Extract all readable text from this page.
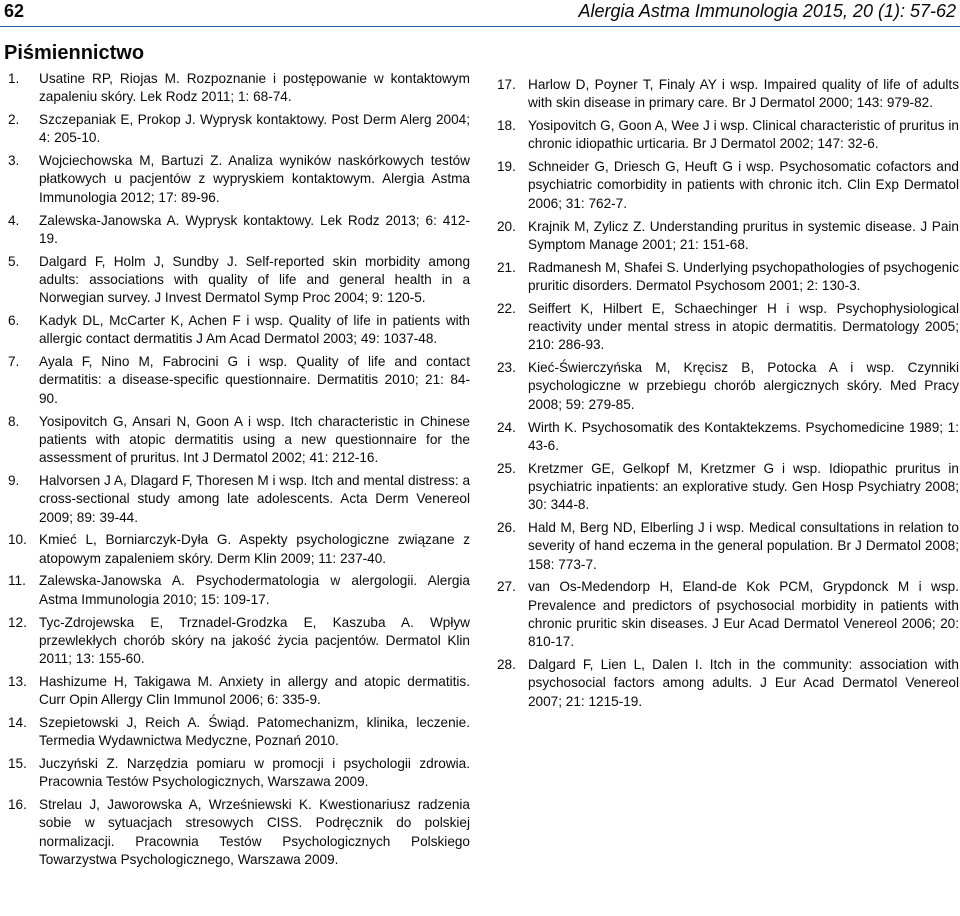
62	Alergia Astma Immunologia 2015, 20 (1): 57-62
Piśmiennictwo
1. Usatine RP, Riojas M. Rozpoznanie i postępowanie w kontaktowym zapaleniu skóry. Lek Rodz 2011; 1: 68-74.
2. Szczepaniak E, Prokop J. Wyprysk kontaktowy. Post Derm Alerg 2004; 4: 205-10.
3. Wojciechowska M, Bartuzi Z. Analiza wyników naskórkowych testów płatkowych u pacjentów z wypryskiem kontaktowym. Alergia Astma Immunologia 2012; 17: 89-96.
4. Zalewska-Janowska A. Wyprysk kontaktowy. Lek Rodz 2013; 6: 412-19.
5. Dalgard F, Holm J, Sundby J. Self-reported skin morbidity among adults: associations with quality of life and general health in a Norwegian survey. J Invest Dermatol Symp Proc 2004; 9: 120-5.
6. Kadyk DL, McCarter K, Achen F i wsp. Quality of life in patients with allergic contact dermatitis J Am Acad Dermatol 2003; 49: 1037-48.
7. Ayala F, Nino M, Fabrocini G i wsp. Quality of life and contact dermatitis: a disease-specific questionnaire. Dermatitis 2010; 21: 84-90.
8. Yosipovitch G, Ansari N, Goon A i wsp. Itch characteristic in Chinese patients with atopic dermatitis using a new questionnaire for the assessment of pruritus. Int J Dermatol 2002; 41: 212-16.
9. Halvorsen J A, Dlagard F, Thoresen M i wsp. Itch and mental distress: a cross-sectional study among late adolescents. Acta Derm Venereol 2009; 89: 39-44.
10. Kmieć L, Borniarczyk-Dyła G. Aspekty psychologiczne związane z atopowym zapaleniem skóry. Derm Klin 2009; 11: 237-40.
11. Zalewska-Janowska A. Psychodermatologia w alergologii. Alergia Astma Immunologia 2010; 15: 109-17.
12. Tyc-Zdrojewska E, Trznadel-Grodzka E, Kaszuba A. Wpływ przewlekłych chorób skóry na jakość życia pacjentów. Dermatol Klin 2011; 13: 155-60.
13. Hashizume H, Takigawa M. Anxiety in allergy and atopic dermatitis. Curr Opin Allergy Clin Immunol 2006; 6: 335-9.
14. Szepietowski J, Reich A. Świąd. Patomechanizm, klinika, leczenie. Termedia Wydawnictwa Medyczne, Poznań 2010.
15. Juczyński Z. Narzędzia pomiaru w promocji i psychologii zdrowia. Pracownia Testów Psychologicznych, Warszawa 2009.
16. Strelau J, Jaworowska A, Wrześniewski K. Kwestionariusz radzenia sobie w sytuacjach stresowych CISS. Podręcznik do polskiej normalizacji. Pracownia Testów Psychologicznych Polskiego Towarzystwa Psychologicznego, Warszawa 2009.
17. Harlow D, Poyner T, Finaly AY i wsp. Impaired quality of life of adults with skin disease in primary care. Br J Dermatol 2000; 143: 979-82.
18. Yosipovitch G, Goon A, Wee J i wsp. Clinical characteristic of pruritus in chronic idiopathic urticaria. Br J Dermatol 2002; 147: 32-6.
19. Schneider G, Driesch G, Heuft G i wsp. Psychosomatic cofactors and psychiatric comorbidity in patients with chronic itch. Clin Exp Dermatol 2006; 31: 762-7.
20. Krajnik M, Zylicz Z. Understanding pruritus in systemic disease. J Pain Symptom Manage 2001; 21: 151-68.
21. Radmanesh M, Shafei S. Underlying psychopathologies of psychogenic pruritic disorders. Dermatol Psychosom 2001; 2: 130-3.
22. Seiffert K, Hilbert E, Schaechinger H i wsp. Psychophysiological reactivity under mental stress in atopic dermatitis. Dermatology 2005; 210: 286-93.
23. Kieć-Świerczyńska M, Kręcisz B, Potocka A i wsp. Czynniki psychologiczne w przebiegu chorób alergicznych skóry. Med Pracy 2008; 59: 279-85.
24. Wirth K. Psychosomatik des Kontaktekzems. Psychomedicine 1989; 1: 43-6.
25. Kretzmer GE, Gelkopf M, Kretzmer G i wsp. Idiopathic pruritus in psychiatric inpatients: an explorative study. Gen Hosp Psychiatry 2008; 30: 344-8.
26. Hald M, Berg ND, Elberling J i wsp. Medical consultations in relation to severity of hand eczema in the general population. Br J Dermatol 2008; 158: 773-7.
27. van Os-Medendorp H, Eland-de Kok PCM, Grypdonck M i wsp. Prevalence and predictors of psychosocial morbidity in patients with chronic pruritic skin diseases. J Eur Acad Dermatol Venereol 2006; 20: 810-17.
28. Dalgard F, Lien L, Dalen I. Itch in the community: association with psychosocial factors among adults. J Eur Acad Dermatol Venereol 2007; 21: 1215-19.
